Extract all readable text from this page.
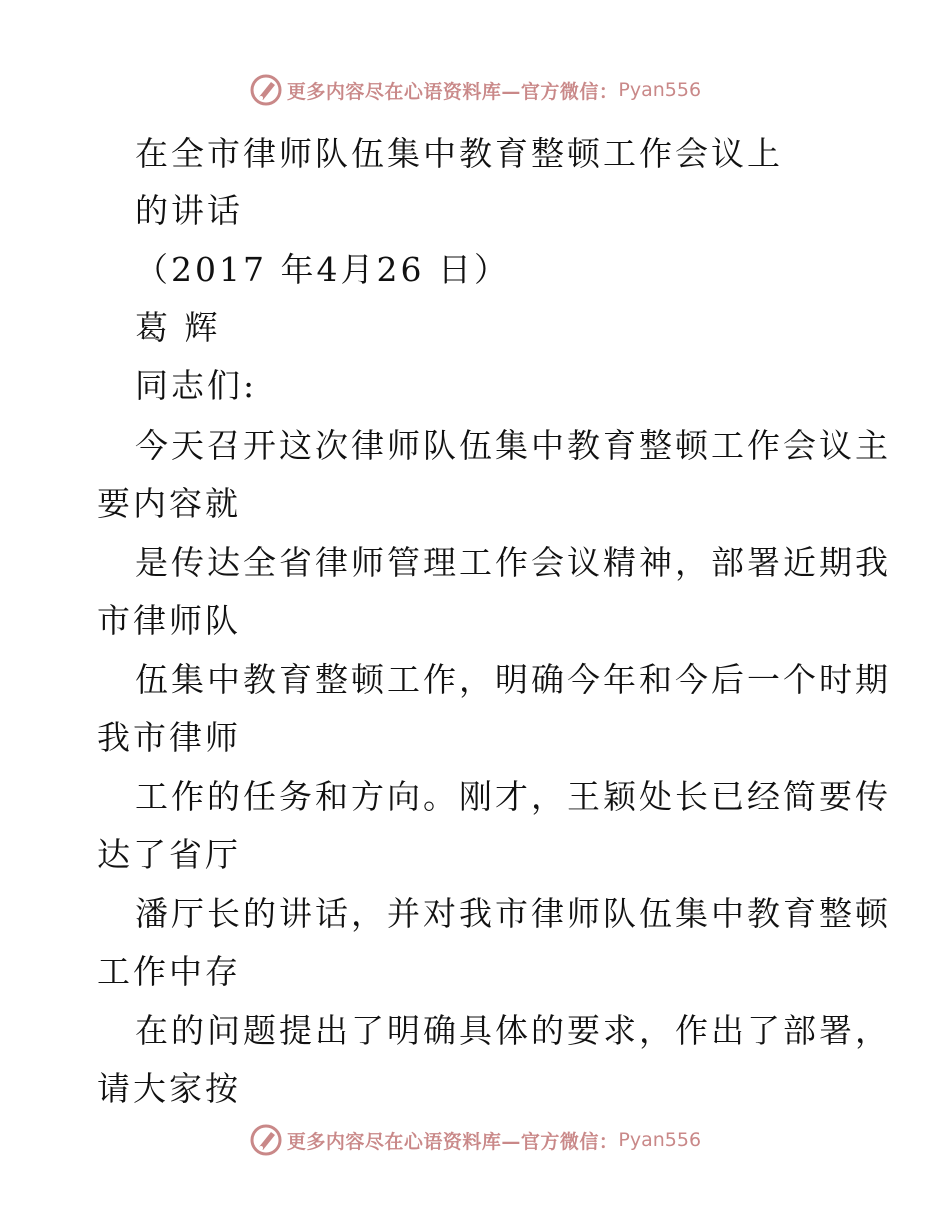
更多内容尽在心语资料库—官方微信： Pyan556
在全市律师队伍集中教育整顿工作会议上
的讲话
（2017 年4月26 日）
葛 辉
同志们:
今天召开这次律师队伍集中教育整顿工作会议主
要内容就
是传达全省律师管理工作会议精神，部署近期我
市律师队
伍集中教育整顿工作，明确今年和今后一个时期
我市律师
工作的任务和方向。刚才，王颖处长已经简要传
达了省厅
潘厅长的讲话，并对我市律师队伍集中教育整顿
工作中存
在的问题提出了明确具体的要求，作出了部署，
请大家按
更多内容尽在心语资料库—官方微信： Pyan556
